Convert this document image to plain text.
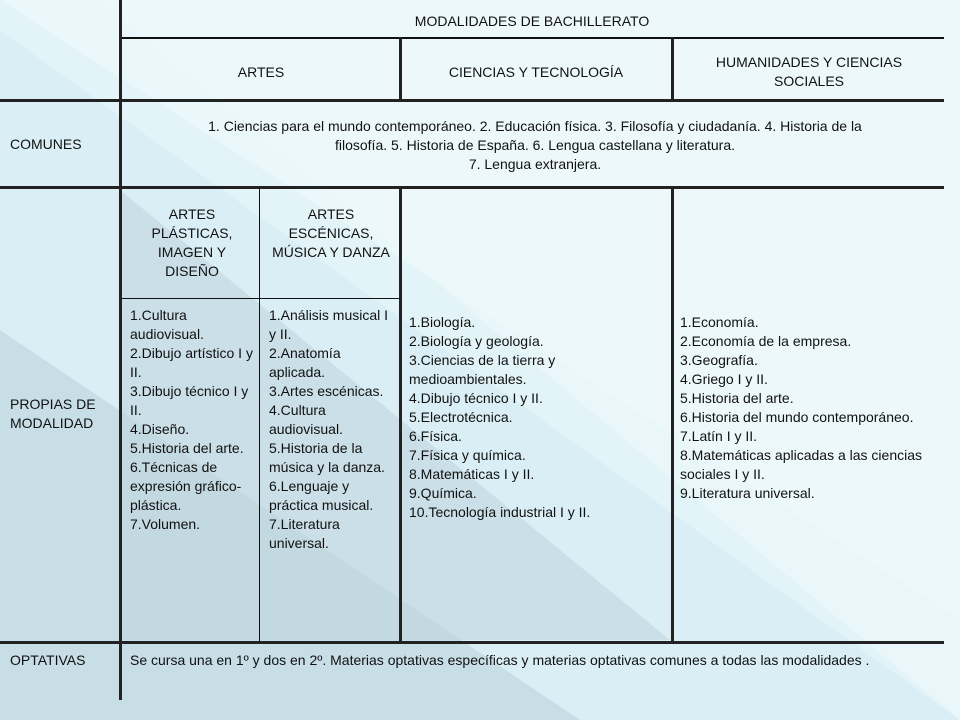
MODALIDADES DE BACHILLERATO
ARTES	CIENCIAS Y TECNOLOGÍA
HUMANIDADES Y CIENCIAS SOCIALES
COMUNES
1. Ciencias para el mundo contemporáneo. 2. Educación física. 3. Filosofía y ciudadanía. 4. Historia de la
filosofía. 5. Historia de España. 6. Lengua castellana y literatura.
7. Lengua extranjera.
PROPIAS DE MODALIDAD
ARTES PLÁSTICAS, IMAGEN Y DISEÑO
ARTES ESCÉNICAS, MÚSICA Y DANZA
1.Cultura audiovisual.
2.Dibujo artístico I y II.
3.Dibujo técnico I y II.
4.Diseño.
5.Historia del arte.
6.Técnicas de expresión gráfico-plástica.
7.Volumen.
1.Análisis musical I y II.
2.Anatomía aplicada.
3.Artes escénicas.
4.Cultura audiovisual.
5.Historia de la música y la danza.
6.Lenguaje y práctica musical.
7.Literatura universal.
1.Biología.
2.Biología y geología.
3.Ciencias de la tierra y medioambientales.
4.Dibujo técnico I y II.
5.Electrotécnica.
6.Física.
7.Física y química.
8.Matemáticas I y II.
9.Química.
10.Tecnología industrial I y II.
1.Economía.
2.Economía de la empresa.
3.Geografía.
4.Griego I y II.
5.Historia del arte.
6.Historia del mundo contemporáneo.
7.Latín I y II.
8.Matemáticas aplicadas a las ciencias sociales I y II.
9.Literatura universal.
OPTATIVAS	Se cursa una en 1º y dos en 2º. Materias optativas específicas y materias optativas comunes a todas las modalidades .
